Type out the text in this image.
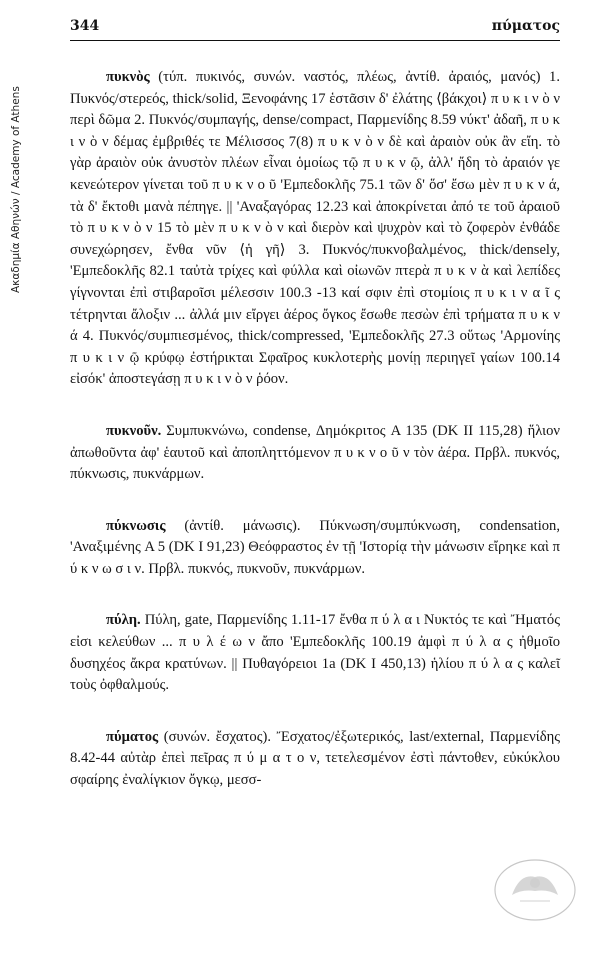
Ακαδημία Αθηνών / Academy of Athens
344	πύματος

πυκνὸς (τύπ. πυκινός, συνών. ναστός, πλέως, ἀντίθ. ἀραιός, μανός) 1. Πυκνός/στερεός, thick/solid, Ξενοφάνης 17 ἑστᾶσιν δ' ἐλάτης ⟨βάκχοι⟩ π υ κ ι ν ὸ ν περὶ δῶμα 2. Πυκνός/συμπαγής, dense/compact, Παρμενίδης 8.59 νύκτ' ἀδαῆ, π υ κ ι ν ὸ ν δέμας ἐμβριθές τε Μέλισσος 7(8) π υ κ ν ὸ ν δὲ καὶ ἀραιὸν οὐκ ἂν εἴη. τὸ γὰρ ἀραιὸν οὐκ ἀνυστὸν πλέων εἶναι ὁμοίως τῷ π υ κ ν ῷ, ἀλλ' ἤδη τὸ ἀραιόν γε κενεώτερον γίνεται τοῦ π υ κ ν ο ῦ 'Εμπεδοκλῆς 75.1 τῶν δ' ὅσ' ἔσω μὲν π υ κ ν ά, τὰ δ' ἔκτοθι μανὰ πέπηγε. || 'Αναξαγόρας 12.23 καὶ ἀποκρίνεται ἀπό τε τοῦ ἀραιοῦ τὸ π υ κ ν ὸ ν 15 τὸ μὲν π υ κ ν ὸ ν καὶ διερὸν καὶ ψυχρὸν καὶ τὸ ζοφερὸν ἐνθάδε συνεχώρησεν, ἔνθα νῦν ⟨ἡ γῆ⟩ 3. Πυκνός/πυκνοβαλμένος, thick/densely, 'Εμπεδοκλῆς 82.1 ταὐτὰ τρίχες καὶ φύλλα καὶ οἰωνῶν πτερὰ π υ κ ν ὰ καὶ λεπίδες γίγνονται ἐπὶ στιβαροῖσι μέλεσσιν 100.3 -13 καί σφιν ἐπὶ στομίοις π υ κ ι ν α ῖ ς τέτρηνται ἄλοξιν ... ἀλλά μιν εἴργει ἀέρος ὄγκος ἔσωθε πεσὼν ἐπὶ τρήματα π υ κ ν ά 4. Πυκνός/συμπιεσμένος, thick/compressed, 'Εμπεδοκλῆς 27.3 οὕτως 'Αρμονίης π υ κ ι ν ῷ κρύφῳ ἐστήρικται Σφαῖρος κυκλοτερὴς μονίῃ περιηγεῖ γαίων 100.14 εἰσόκ' ἀποστεγάσῃ π υ κ ι ν ὸ ν ῥόον.

πυκνοῦν. Συμπυκνώνω, condense, Δημόκριτος A 135 (DK II 115,28) ἥλιον ἀπωθοῦντα ἀφ' ἑαυτοῦ καὶ ἀποπληττόμενον π υ κ ν ο ῦ ν τὸν ἀέρα. Πρβλ. πυκνός, πύκνωσις, πυκνάρμων.

πύκνωσις (ἀντίθ. μάνωσις). Πύκνωση/συμπύκνωση, condensation, 'Αναξιμένης A 5 (DK I 91,23) Θεόφραστος ἐν τῇ 'Ιστορίᾳ τὴν μάνωσιν εἴρηκε καὶ π ύ κ ν ω σ ι ν. Πρβλ. πυκνός, πυκνοῦν, πυκνάρμων.

πύλη. Πύλη, gate, Παρμενίδης 1.11-17 ἔνθα π ύ λ α ι Νυκτός τε καὶ Ἤματός εἰσι κελεύθων ... π υ λ έ ω ν ἄπο 'Εμπεδοκλῆς 100.19 ἀμφὶ π ύ λ α ς ἠθμοῖο δυσηχέος ἄκρα κρατύνων. || Πυθαγόρειοι 1a (DK I 450,13) ἡλίου π ύ λ α ς καλεῖ τοὺς ὀφθαλμούς.

πύματος (συνών. ἔσχατος). Ἔσχατος/ἐξωτερικός, last/external, Παρμενίδης 8.42-44 αὐτὰρ ἐπεὶ πεῖρας π ύ μ α τ ο ν, τετελεσμένον ἐστὶ πάντοθεν, εὐκύκλου σφαίρης ἐναλίγκιον ὄγκῳ, μεσσ-
